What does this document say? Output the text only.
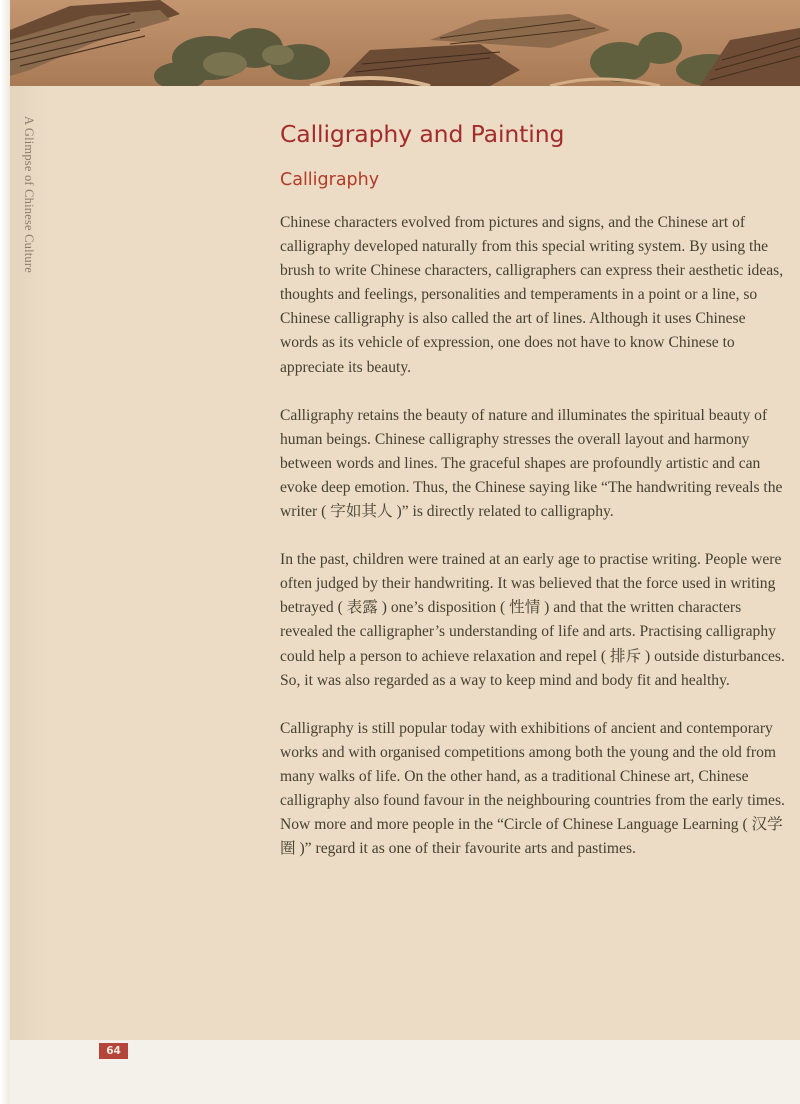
A Glimpse of Chinese Culture	Calligraphy and Painting
Calligraphy

Chinese characters evolved from pictures and signs, and the Chinese art of calligraphy developed naturally from this special writing system. By using the brush to write Chinese characters, calligraphers can express their aesthetic ideas, thoughts and feelings, personalities and temperaments in a point or a line, so Chinese calligraphy is also called the art of lines. Although it uses Chinese words as its vehicle of expression, one does not have to know Chinese to appreciate its beauty.

Calligraphy retains the beauty of nature and illuminates the spiritual beauty of human beings. Chinese calligraphy stresses the overall layout and harmony between words and lines. The graceful shapes are profoundly artistic and can evoke deep emotion. Thus, the Chinese saying like “The handwriting reveals the writer ( 字如其人 )” is directly related to calligraphy.

In the past, children were trained at an early age to practise writing. People were often judged by their handwriting. It was believed that the force used in writing betrayed ( 表露 ) one’s disposition ( 性情 ) and that the written characters revealed the calligrapher’s understanding of life and arts. Practising calligraphy could help a person to achieve relaxation and repel ( 排斥 ) outside disturbances. So, it was also regarded as a way to keep mind and body fit and healthy.

Calligraphy is still popular today with exhibitions of ancient and contemporary works and with organised competitions among both the young and the old from many walks of life. On the other hand, as a traditional Chinese art, Chinese calligraphy also found favour in the neighbouring countries from the early times. Now more and more people in the “Circle of Chinese Language Learning ( 汉学圈 )” regard it as one of their favourite arts and pastimes.

64
